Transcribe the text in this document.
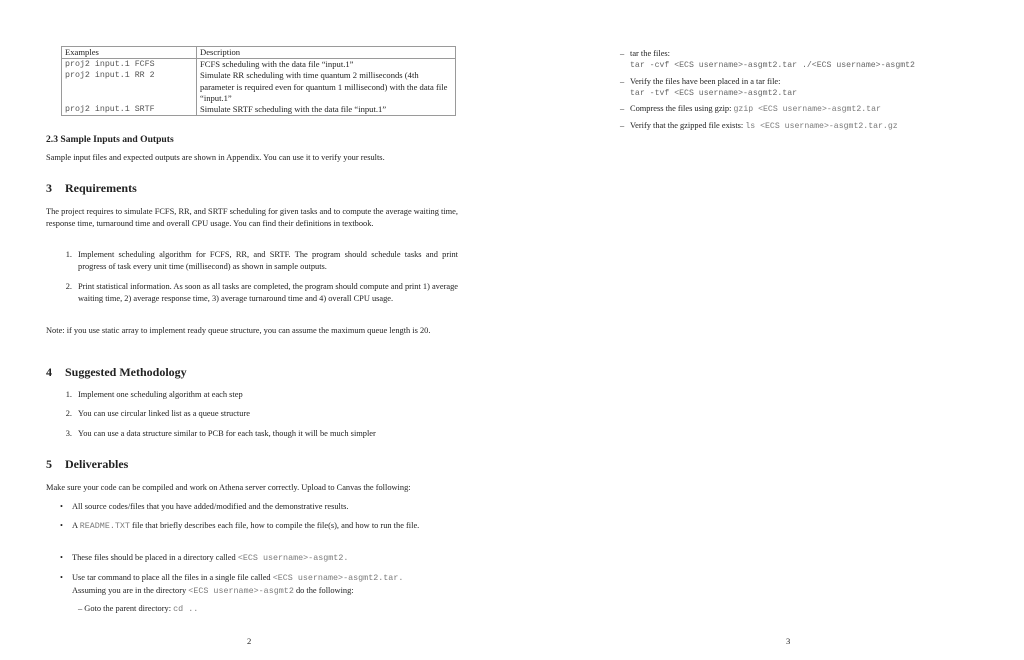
Examples	Description
proj2 input.1 FCFS	FCFS scheduling with the data file “input.1”
proj2 input.1 RR 2	Simulate RR scheduling with time quantum 2 milliseconds (4th parameter is required even for quantum 1 millisecond) with the data file “input.1”
proj2 input.1 SRTF	Simulate SRTF scheduling with the data file “input.1”
2.3 Sample Inputs and Outputs
Sample input files and expected outputs are shown in Appendix. You can use it to verify your results.
3 Requirements
The project requires to simulate FCFS, RR, and SRTF scheduling for given tasks and to compute the average waiting time, response time, turnaround time and overall CPU usage. You can find their definitions in textbook.
1. Implement scheduling algorithm for FCFS, RR, and SRTF. The program should schedule tasks and print progress of task every unit time (millisecond) as shown in sample outputs.
2. Print statistical information. As soon as all tasks are completed, the program should compute and print 1) average waiting time, 2) average response time, 3) average turnaround time and 4) overall CPU usage.
Note: if you use static array to implement ready queue structure, you can assume the maximum queue length is 20.
4 Suggested Methodology
1. Implement one scheduling algorithm at each step
2. You can use circular linked list as a queue structure
3. You can use a data structure similar to PCB for each task, though it will be much simpler
5 Deliverables
Make sure your code can be compiled and work on Athena server correctly. Upload to Canvas the following:
• All source codes/files that you have added/modified and the demonstrative results.
• A README.TXT file that briefly describes each file, how to compile the file(s), and how to run the file.
• These files should be placed in a directory called <ECS username>-asgmt2.
• Use tar command to place all the files in a single file called <ECS username>-asgmt2.tar.
Assuming you are in the directory <ECS username>-asgmt2 do the following:
– Goto the parent directory: cd ..
2
– tar the files:
tar -cvf <ECS username>-asgmt2.tar ./<ECS username>-asgmt2
– Verify the files have been placed in a tar file:
tar -tvf <ECS username>-asgmt2.tar
– Compress the files using gzip: gzip <ECS username>-asgmt2.tar
– Verify that the gzipped file exists: ls <ECS username>-asgmt2.tar.gz
3
